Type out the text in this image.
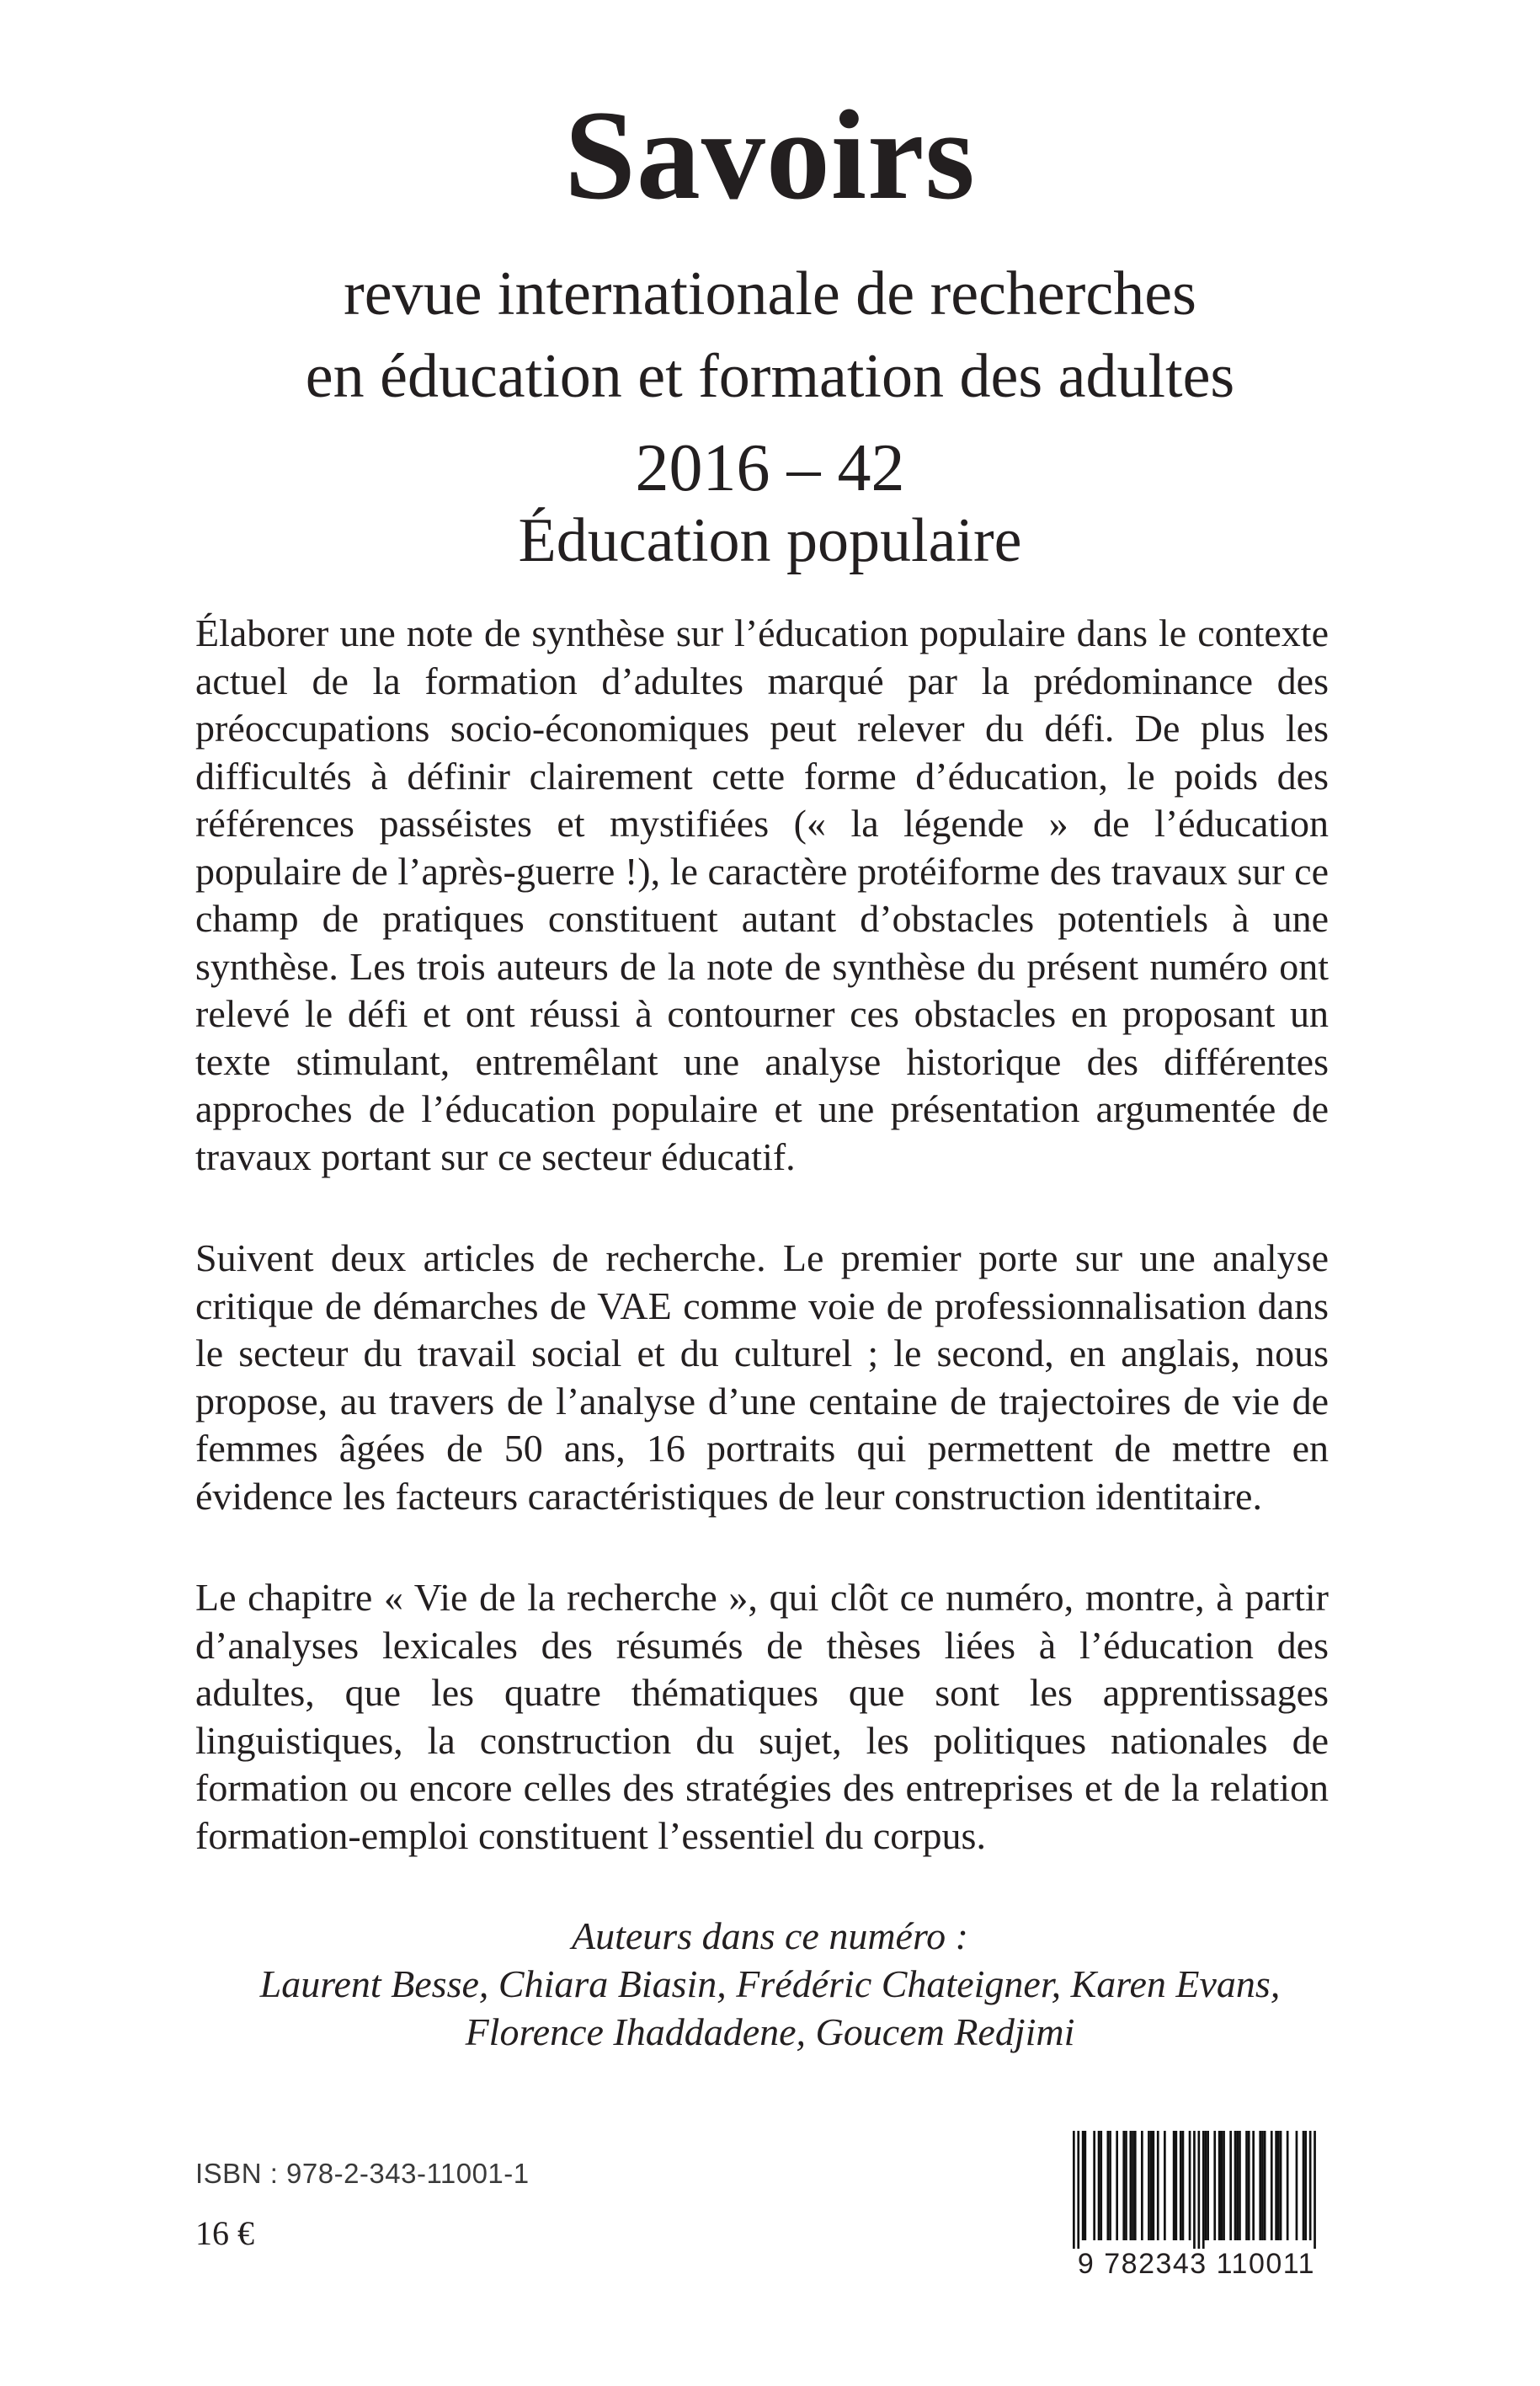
Savoirs
revue internationale de recherches
en éducation et formation des adultes
2016 – 42
Éducation populaire

Élaborer une note de synthèse sur l’éducation populaire dans le contexte actuel de la formation d’adultes marqué par la prédominance des préoccupations socio-économiques peut relever du défi. De plus les difficultés à définir clairement cette forme d’éducation, le poids des références passéistes et mystifiées (« la légende » de l’éducation populaire de l’après-guerre !), le caractère protéiforme des travaux sur ce champ de pratiques constituent autant d’obstacles potentiels à une synthèse. Les trois auteurs de la note de synthèse du présent numéro ont relevé le défi et ont réussi à contourner ces obstacles en proposant un texte stimulant, entremêlant une analyse historique des différentes approches de l’éducation populaire et une présentation argumentée de travaux portant sur ce secteur éducatif.

Suivent deux articles de recherche. Le premier porte sur une analyse critique de démarches de VAE comme voie de professionnalisation dans le secteur du travail social et du culturel ; le second, en anglais, nous propose, au travers de l’analyse d’une centaine de trajectoires de vie de femmes âgées de 50 ans, 16 portraits qui permettent de mettre en évidence les facteurs caractéristiques de leur construction identitaire.

Le chapitre « Vie de la recherche », qui clôt ce numéro, montre, à partir d’analyses lexicales des résumés de thèses liées à l’éducation des adultes, que les quatre thématiques que sont les apprentissages linguistiques, la construction du sujet, les politiques nationales de formation ou encore celles des stratégies des entreprises et de la relation formation-emploi constituent l’essentiel du corpus.

Auteurs dans ce numéro :
Laurent Besse, Chiara Biasin, Frédéric Chateigner, Karen Evans,
Florence Ihaddadene, Goucem Redjimi
ISBN : 978-2-343-11001-1
16 €
9 782343 110011
